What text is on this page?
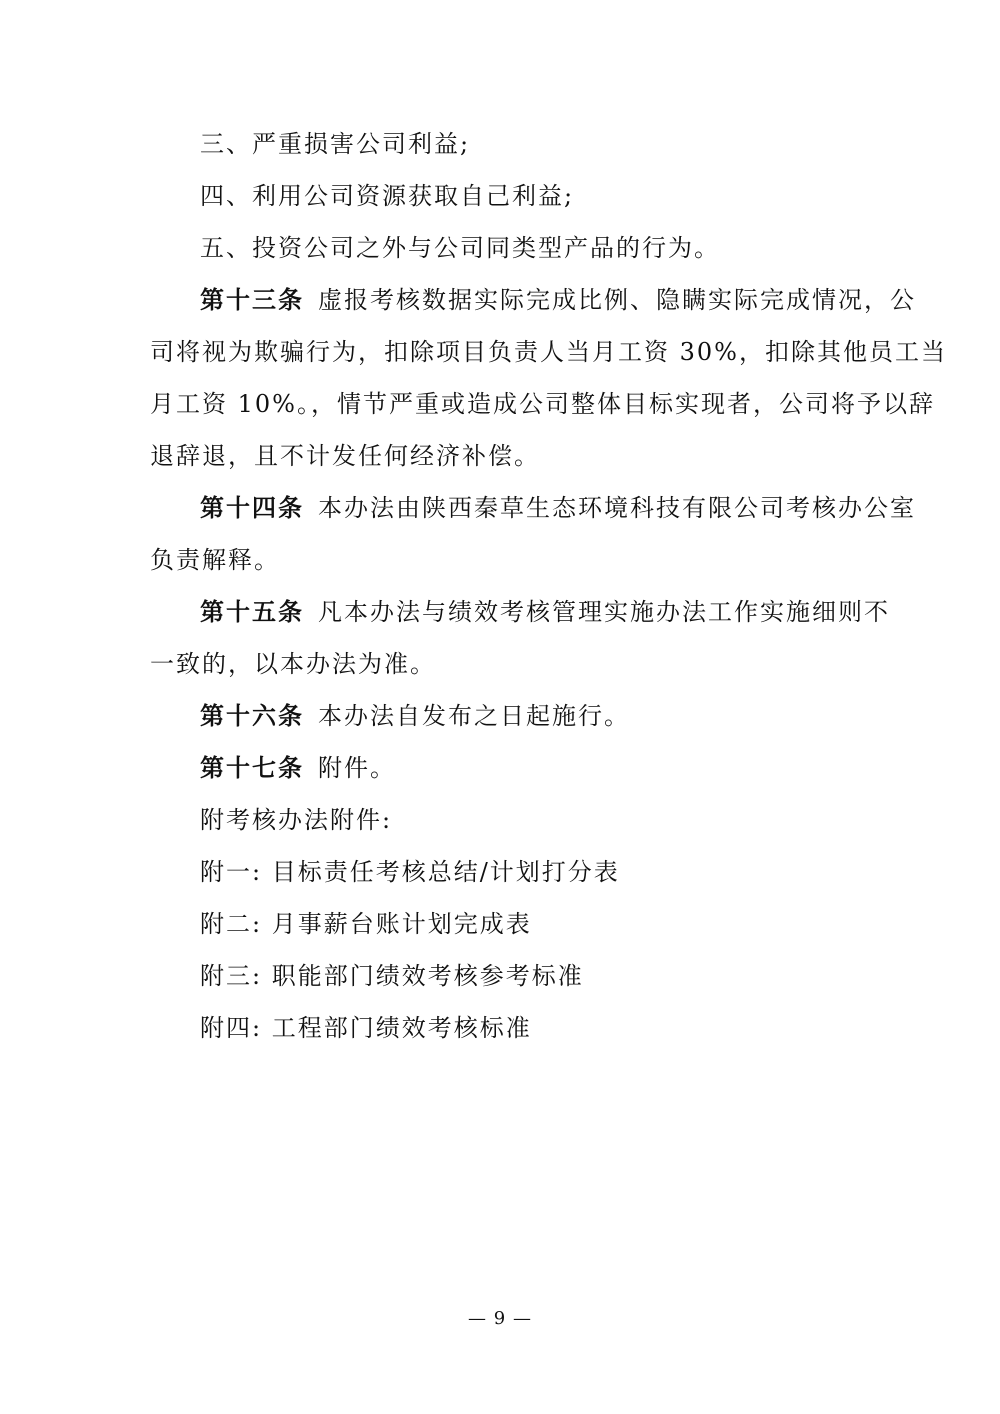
三、严重损害公司利益;
四、利用公司资源获取自己利益;
五、投资公司之外与公司同类型产品的行为。
第十三条 虚报考核数据实际完成比例、隐瞒实际完成情况，公
司将视为欺骗行为，扣除项目负责人当月工资 30%，扣除其他员工当
月工资 10%。，情节严重或造成公司整体目标实现者，公司将予以辞
退辞退，且不计发任何经济补偿。
第十四条 本办法由陕西秦草生态环境科技有限公司考核办公室
负责解释。
第十五条 凡本办法与绩效考核管理实施办法工作实施细则不
一致的，以本办法为准。
第十六条 本办法自发布之日起施行。
第十七条 附件。
附考核办法附件:
附一: 目标责任考核总结/计划打分表
附二: 月事薪台账计划完成表
附三: 职能部门绩效考核参考标准
附四: 工程部门绩效考核标准
— 9 —
